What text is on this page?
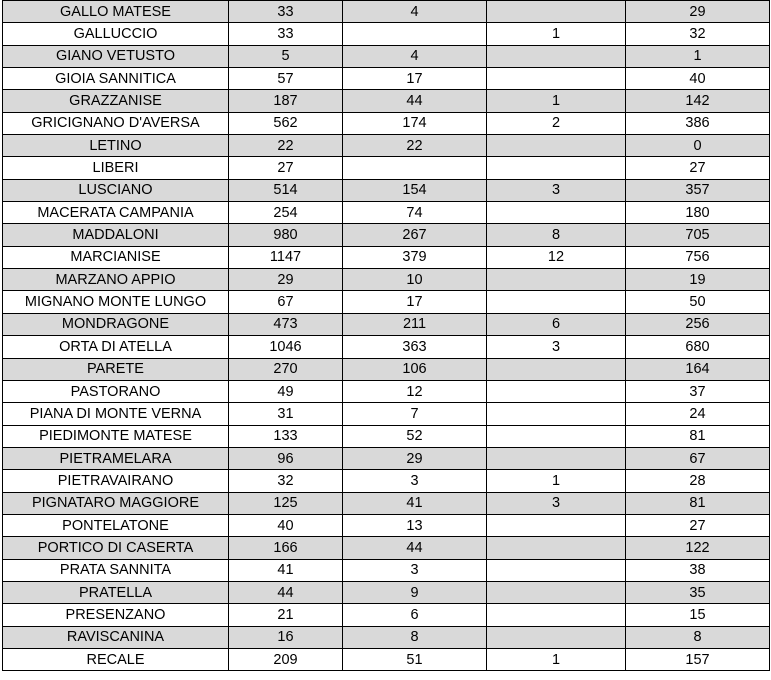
GALLO MATESE	33	4		29
GALLUCCIO	33		1	32
GIANO VETUSTO	5	4		1
GIOIA SANNITICA	57	17		40
GRAZZANISE	187	44	1	142
GRICIGNANO D'AVERSA	562	174	2	386
LETINO	22	22		0
LIBERI	27			27
LUSCIANO	514	154	3	357
MACERATA CAMPANIA	254	74		180
MADDALONI	980	267	8	705
MARCIANISE	1147	379	12	756
MARZANO APPIO	29	10		19
MIGNANO MONTE LUNGO	67	17		50
MONDRAGONE	473	211	6	256
ORTA DI ATELLA	1046	363	3	680
PARETE	270	106		164
PASTORANO	49	12		37
PIANA DI MONTE VERNA	31	7		24
PIEDIMONTE MATESE	133	52		81
PIETRAMELARA	96	29		67
PIETRAVAIRANO	32	3	1	28
PIGNATARO MAGGIORE	125	41	3	81
PONTELATONE	40	13		27
PORTICO DI CASERTA	166	44		122
PRATA SANNITA	41	3		38
PRATELLA	44	9		35
PRESENZANO	21	6		15
RAVISCANINA	16	8		8
RECALE	209	51	1	157
